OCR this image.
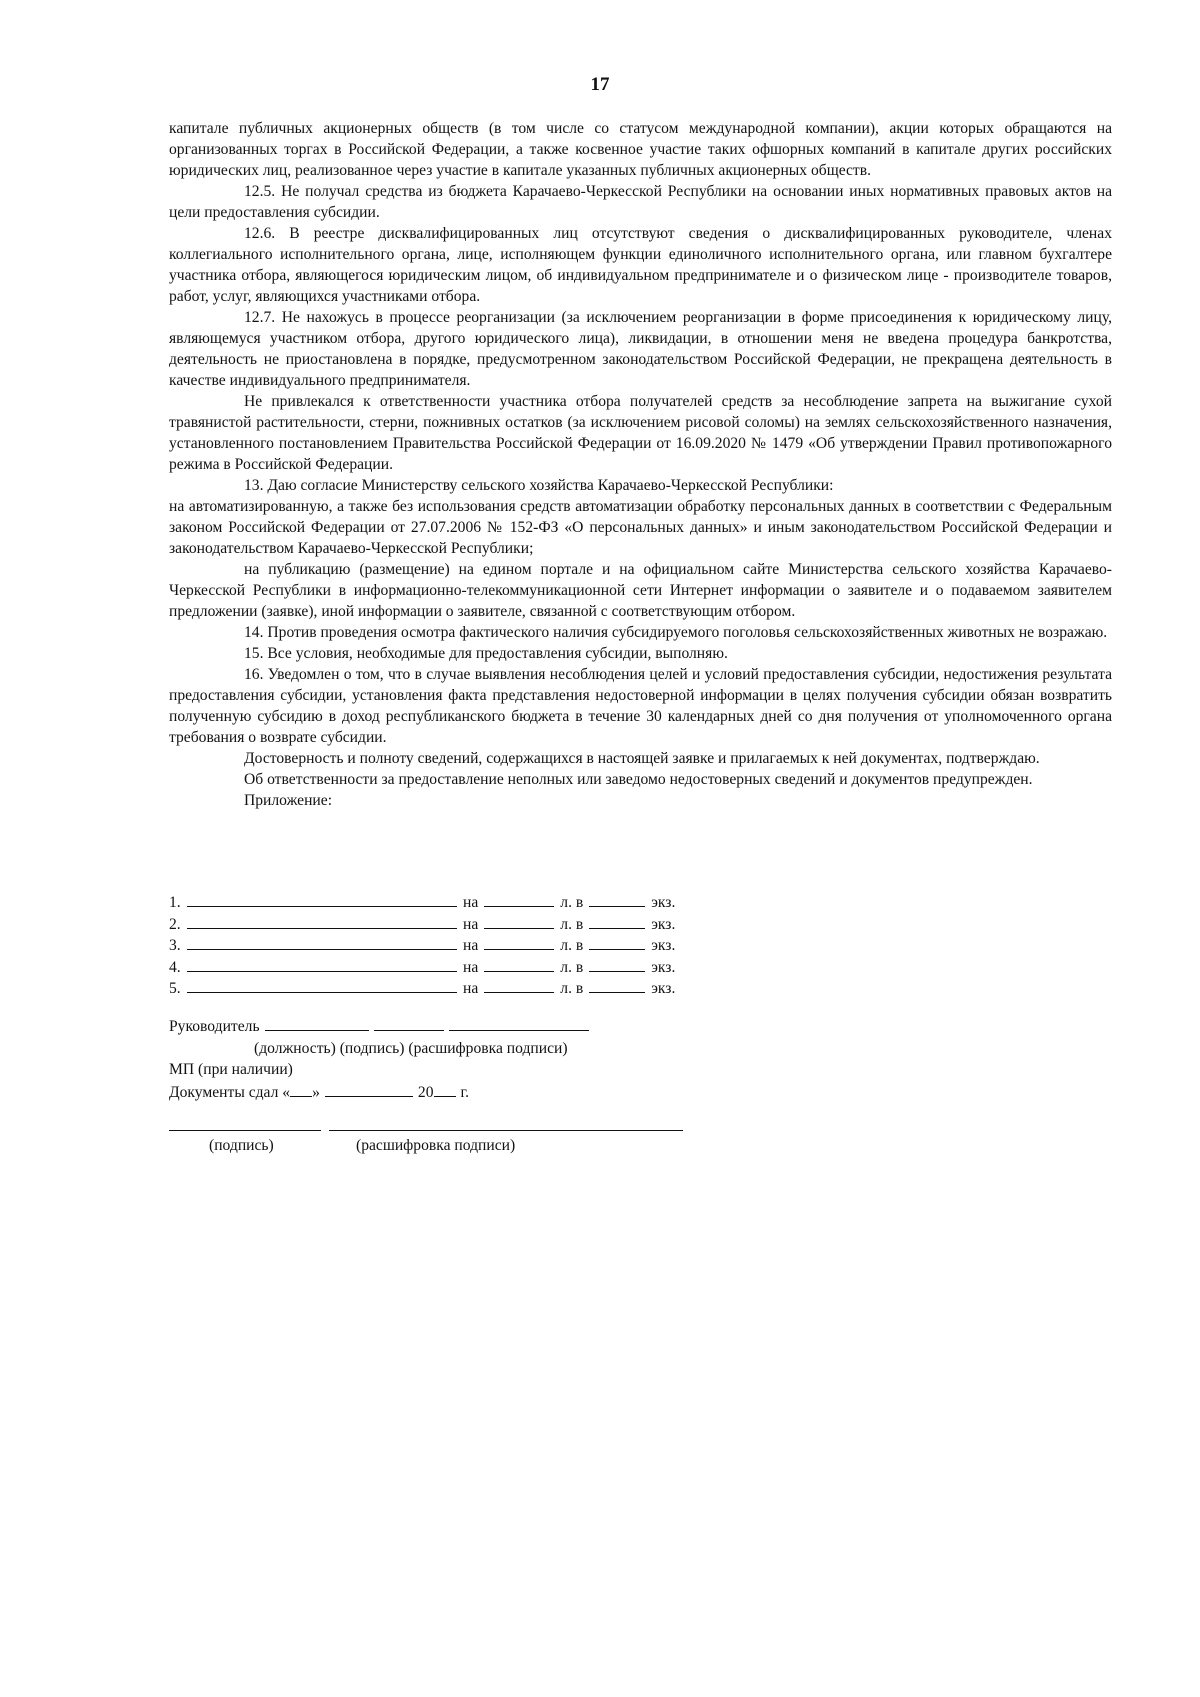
17

капитале публичных акционерных обществ (в том числе со статусом международной компании), акции которых обращаются на организованных торгах в Российской Федерации, а также косвенное участие таких офшорных компаний в капитале других российских юридических лиц, реализованное через участие в капитале указанных публичных акционерных обществ.

12.5. Не получал средства из бюджета Карачаево-Черкесской Республики на основании иных нормативных правовых актов на цели предоставления субсидии.

12.6. В реестре дисквалифицированных лиц отсутствуют сведения о дисквалифицированных руководителе, членах коллегиального исполнительного органа, лице, исполняющем функции единоличного исполнительного органа, или главном бухгалтере участника отбора, являющегося юридическим лицом, об индивидуальном предпринимателе и о физическом лице - производителе товаров, работ, услуг, являющихся участниками отбора.

12.7. Не нахожусь в процессе реорганизации (за исключением реорганизации в форме присоединения к юридическому лицу, являющемуся участником отбора, другого юридического лица), ликвидации, в отношении меня не введена процедура банкротства, деятельность не приостановлена в порядке, предусмотренном законодательством Российской Федерации, не прекращена деятельность в качестве индивидуального предпринимателя.

Не привлекался к ответственности участника отбора получателей средств за несоблюдение запрета на выжигание сухой травянистой растительности, стерни, пожнивных остатков (за исключением рисовой соломы) на землях сельскохозяйственного назначения, установленного постановлением Правительства Российской Федерации от 16.09.2020 № 1479 «Об утверждении Правил противопожарного режима в Российской Федерации.

13. Даю согласие Министерству сельского хозяйства Карачаево-Черкесской Республики:

на автоматизированную, а также без использования средств автоматизации обработку персональных данных в соответствии с Федеральным законом Российской Федерации от 27.07.2006 № 152-ФЗ «О персональных данных» и иным законодательством Российской Федерации и законодательством Карачаево-Черкесской Республики;

на публикацию (размещение) на едином портале и на официальном сайте Министерства сельского хозяйства Карачаево-Черкесской Республики в информационно-телекоммуникационной сети Интернет информации о заявителе и о подаваемом заявителем предложении (заявке), иной информации о заявителе, связанной с соответствующим отбором.

14. Против проведения осмотра фактического наличия субсидируемого поголовья сельскохозяйственных животных не возражаю.

15. Все условия, необходимые для предоставления субсидии, выполняю.

16. Уведомлен о том, что в случае выявления несоблюдения целей и условий предоставления субсидии, недостижения результата предоставления субсидии, установления факта представления недостоверной информации в целях получения субсидии обязан возвратить полученную субсидию в доход республиканского бюджета в течение 30 календарных дней со дня получения от уполномоченного органа требования о возврате субсидии.

Достоверность и полноту сведений, содержащихся в настоящей заявке и прилагаемых к ней документах, подтверждаю.

Об ответственности за предоставление неполных или заведомо недостоверных сведений и документов предупрежден.

Приложение:

1.	на	л. в	экз.
2.	на	л. в	экз.
3.	на	л. в	экз.
4.	на	л. в	экз.
5.	на	л. в	экз.
Руководитель
(должность) (подпись) (расшифровка подписи)
МП (при наличии)
Документы сдал « »	20 г.
(подпись)	(расшифровка подписи)
